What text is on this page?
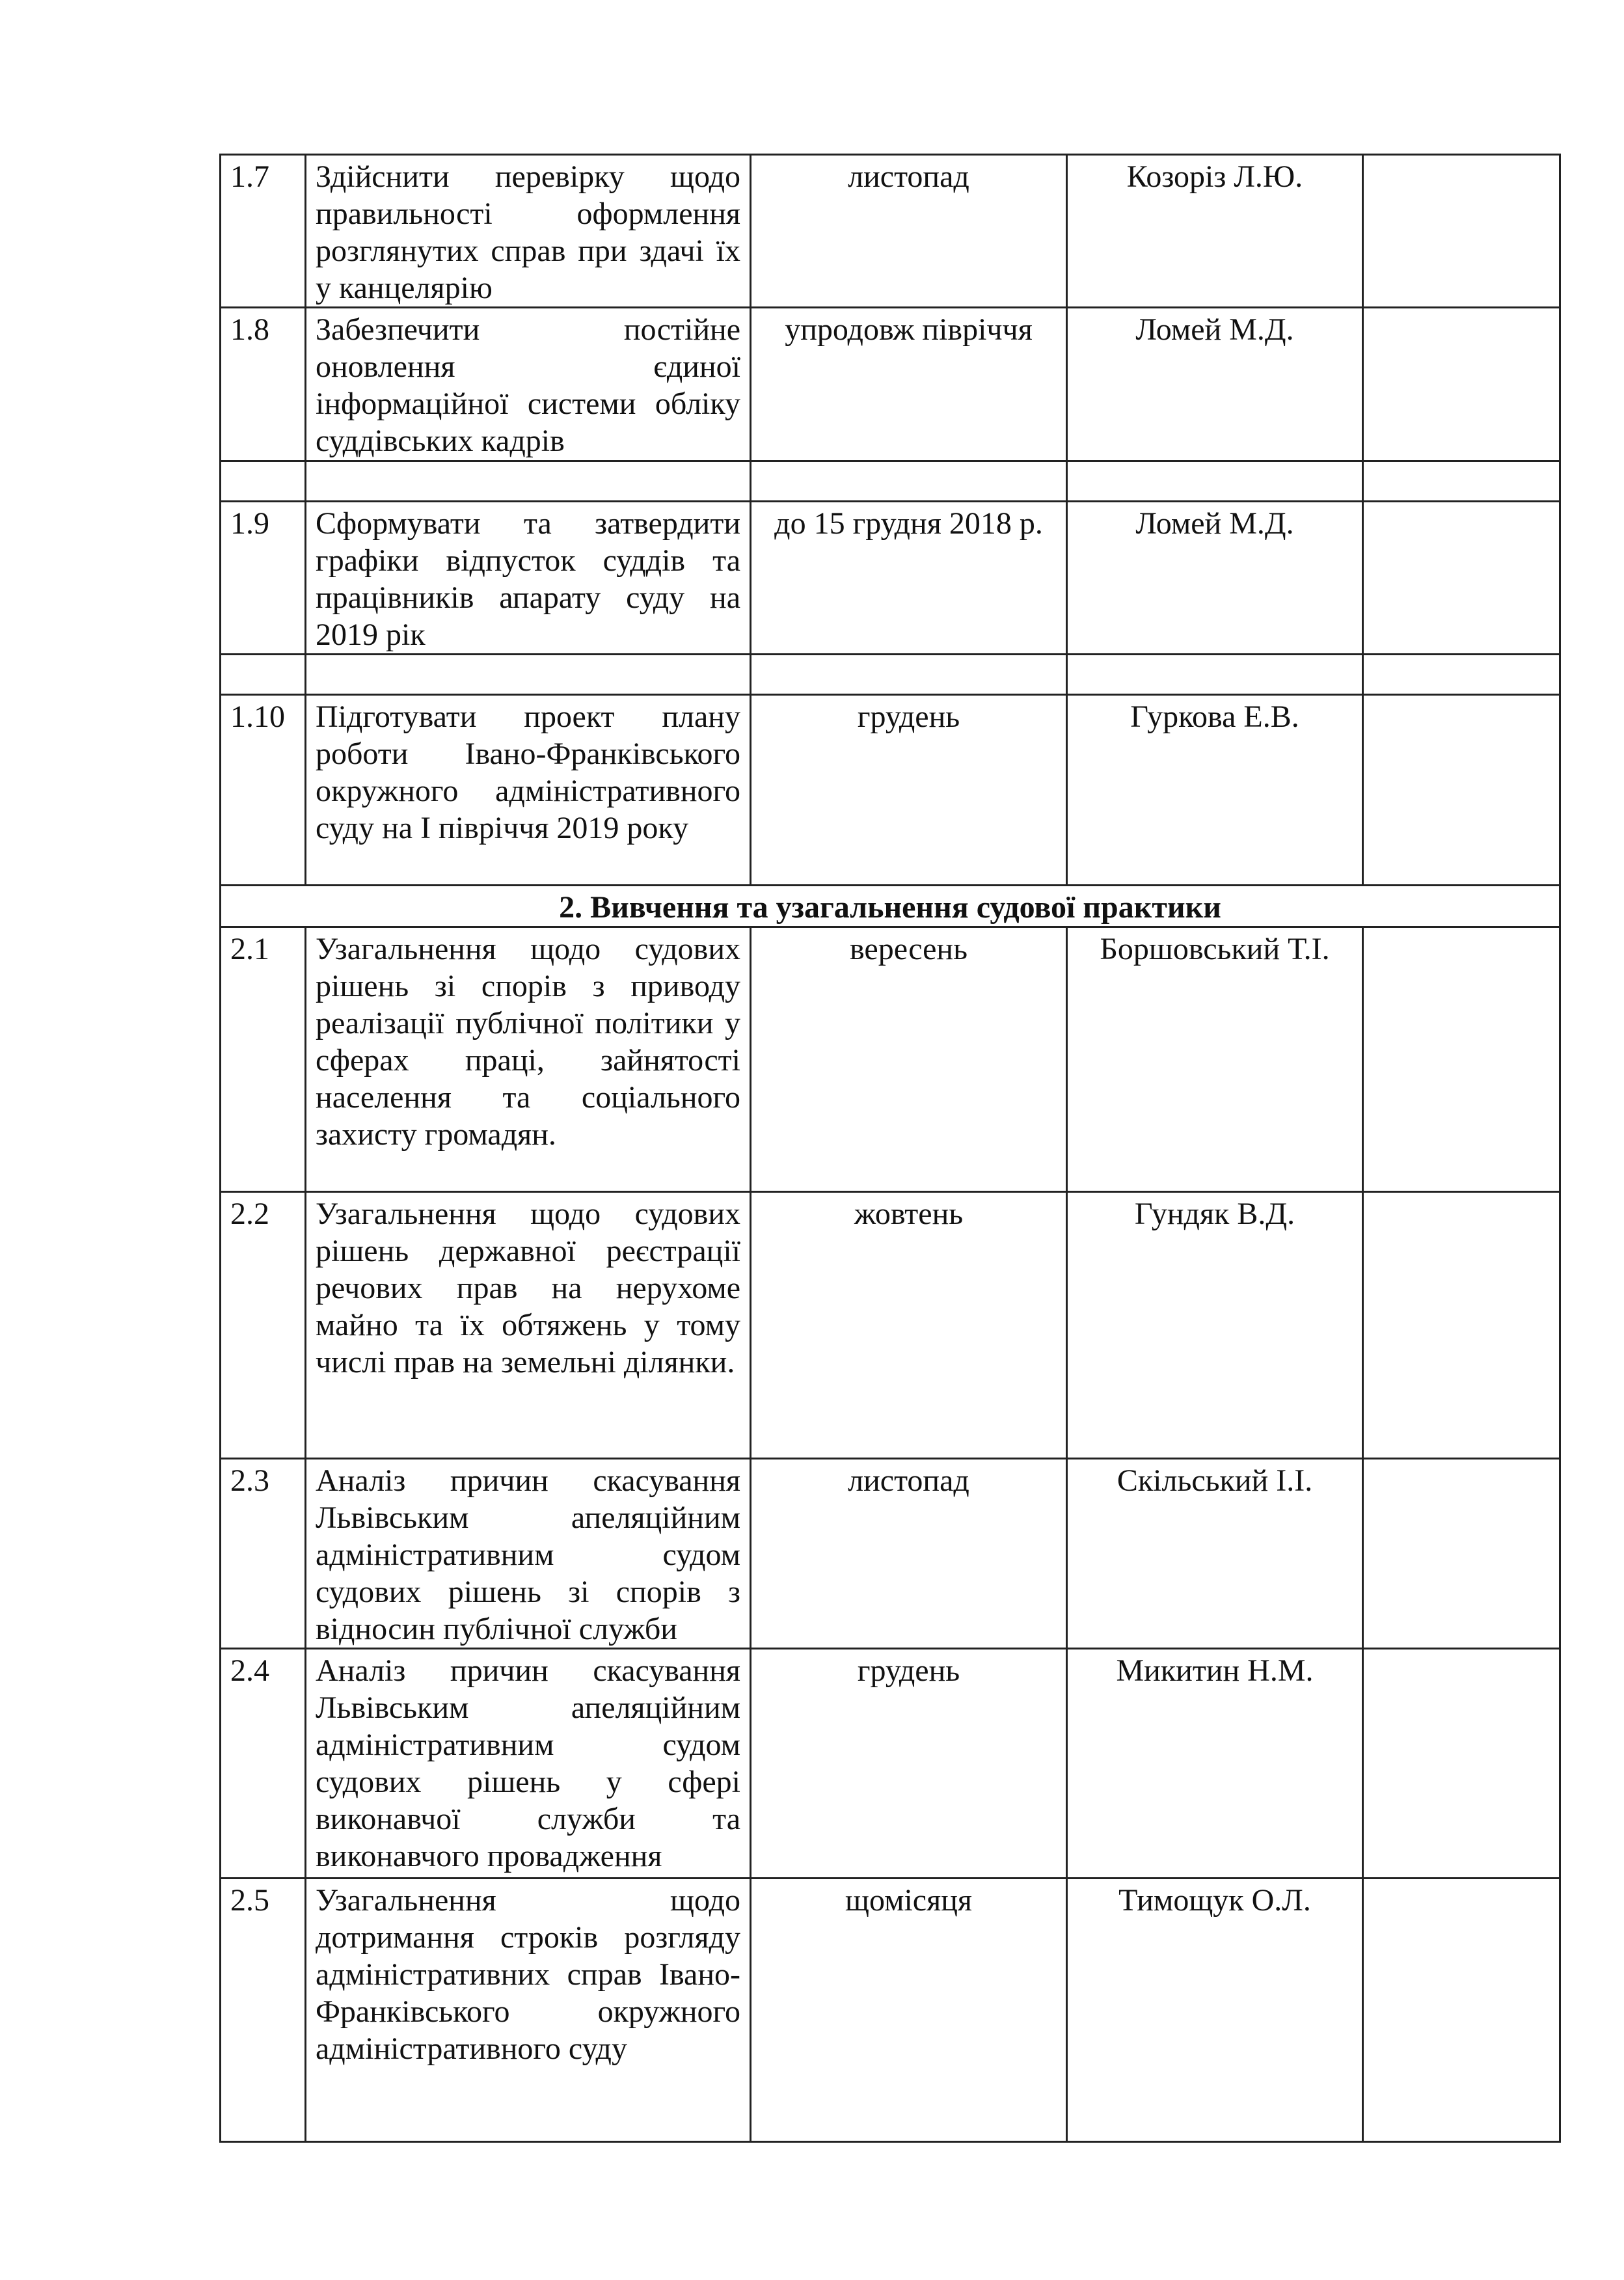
1.7	Здійснити перевірку щодо правильності оформлення розглянутих справ при здачі їх у канцелярію	листопад	Козоріз Л.Ю.	
1.8	Забезпечити постійне оновлення єдиної інформаційної системи обліку суддівських кадрів	упродовж півріччя	Ломей М.Д.	

1.9	Сформувати та затвердити графіки відпусток суддів та працівників апарату суду на 2019 рік	до 15 грудня 2018 р.	Ломей М.Д.	

1.10	Підготувати проект плану роботи Івано-Франківського окружного адміністративного суду на І півріччя 2019 року	грудень	Гуркова Е.В.	
2. Вивчення та узагальнення судової практики				
2.1	Узагальнення щодо судових рішень зі спорів з приводу реалізації публічної політики у сферах праці, зайнятості населення та соціального захисту громадян.	вересень	Боршовський Т.І.	
2.2	Узагальнення щодо судових рішень державної реєстрації речових прав на нерухоме майно та їх обтяжень у тому числі прав на земельні ділянки.	жовтень	Гундяк В.Д.	
2.3	Аналіз причин скасування Львівським апеляційним адміністративним судом судових рішень зі спорів з відносин публічної служби	листопад	Скільський І.І.	
2.4	Аналіз причин скасування Львівським апеляційним адміністративним судом судових рішень у сфері виконавчої служби та виконавчого провадження	грудень	Микитин Н.М.	
2.5	Узагальнення щодо дотримання строків розгляду адміністративних справ Івано-Франківського окружного адміністративного суду	щомісяця	Тимощук О.Л.	
